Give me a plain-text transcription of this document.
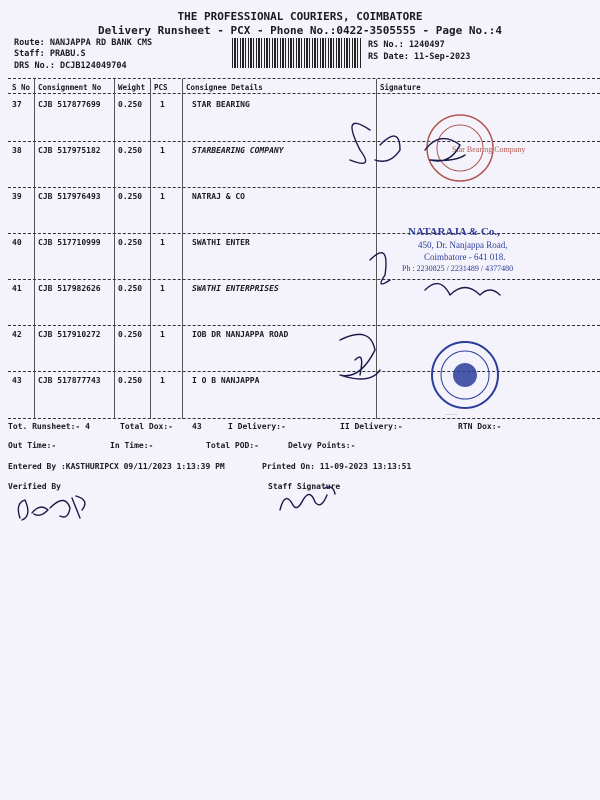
THE PROFESSIONAL COURIERS, COIMBATORE
Delivery Runsheet - PCX - Phone No.:0422-3505555 - Page No.:4
Route: NANJAPPA RD BANK CMS
Staff: PRABU.S
DRS No.: DCJB124049704
RS No.: 1240497
RS Date: 11-Sep-2023
S No Consignment No Weight PCS Consignee Details	Signature
37 CJB 517877699 0.250 1	STAR BEARING
38 CJB 517975182 0.250 1	STARBEARING COMPANY
39 CJB 517976493 0.250 1	NATRAJ & CO
40 CJB 517710999 0.250 1	SWATHI ENTER
41 CJB 517982626 0.250 1	SWATHI ENTERPRISES
42 CJB 517910272 0.250 1	IOB DR NANJAPPA ROAD
43 CJB 517877743 0.250 1	I O B NANJAPPA
Star Bearing Company
Indian Overseas Bank
NATARAJA & Co.,
450, Dr. Nanjappa Road,
Coimbatore - 641 018.
Ph : 2230825 / 2231489 / 4377480
Tot. Runsheet:- 4	Total Dox:- 43	I Delivery:-	II Delivery:-	RTN Dox:-
Out Time:-	In Time:-	Total POD:-	Delvy Points:-
Entered By :KASTHURIPCX 09/11/2023 1:13:39 PM	Printed On: 11-09-2023 13:13:51
Verified By	Staff Signature
